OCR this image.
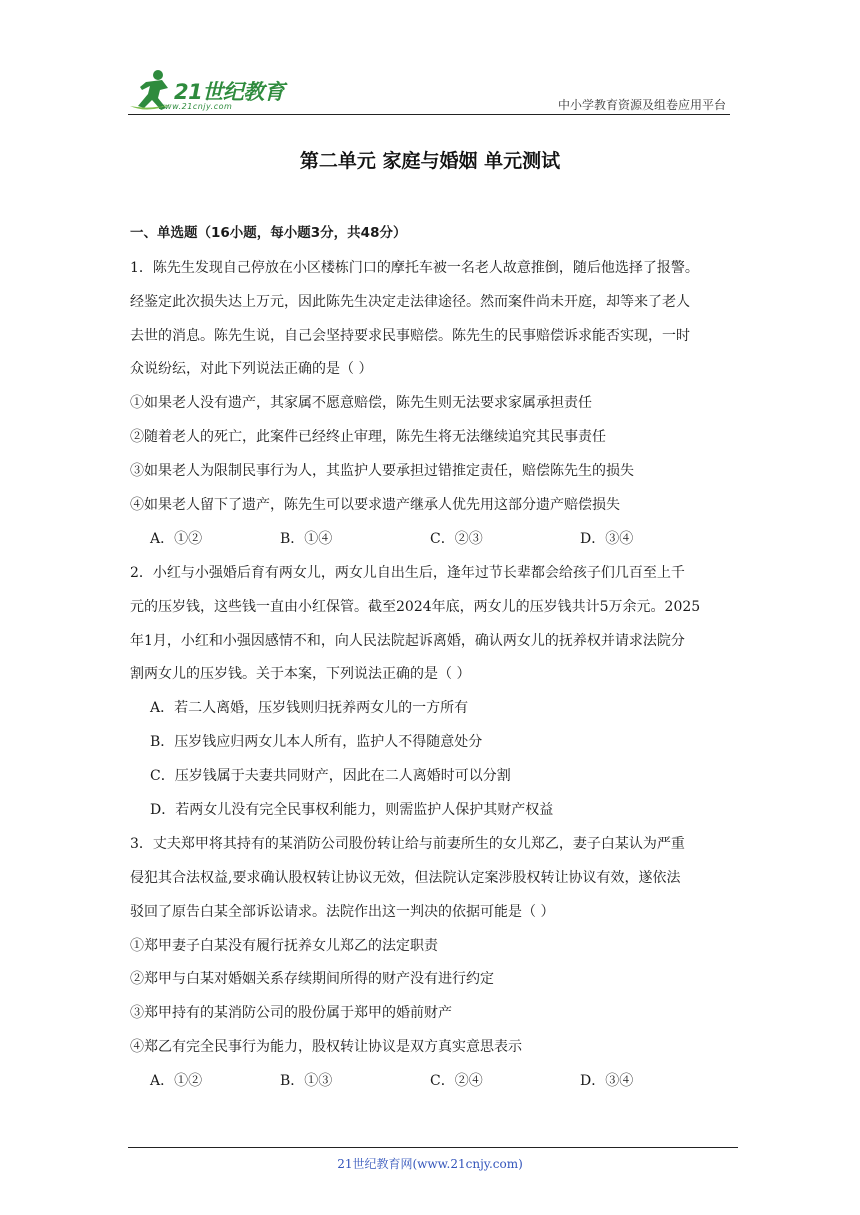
21世纪教育
www.21cnjy.com	中小学教育资源及组卷应用平台
第二单元 家庭与婚姻 单元测试
一、单选题（16小题，每小题3分，共48分）
1．陈先生发现自己停放在小区楼栋门口的摩托车被一名老人故意推倒，随后他选择了报警。
经鉴定此次损失达上万元，因此陈先生决定走法律途径。然而案件尚未开庭，却等来了老人
去世的消息。陈先生说，自己会坚持要求民事赔偿。陈先生的民事赔偿诉求能否实现，一时
众说纷纭，对此下列说法正确的是（ ）
①如果老人没有遗产，其家属不愿意赔偿，陈先生则无法要求家属承担责任
②随着老人的死亡，此案件已经终止审理，陈先生将无法继续追究其民事责任
③如果老人为限制民事行为人，其监护人要承担过错推定责任，赔偿陈先生的损失
④如果老人留下了遗产，陈先生可以要求遗产继承人优先用这部分遗产赔偿损失
A．①②	B．①④	C．②③	D．③④
2．小红与小强婚后育有两女儿，两女儿自出生后，逢年过节长辈都会给孩子们几百至上千
元的压岁钱，这些钱一直由小红保管。截至2024年底，两女儿的压岁钱共计5万余元。2025
年1月，小红和小强因感情不和，向人民法院起诉离婚，确认两女儿的抚养权并请求法院分
割两女儿的压岁钱。关于本案，下列说法正确的是（ ）
A．若二人离婚，压岁钱则归抚养两女儿的一方所有
B．压岁钱应归两女儿本人所有，监护人不得随意处分
C．压岁钱属于夫妻共同财产，因此在二人离婚时可以分割
D．若两女儿没有完全民事权利能力，则需监护人保护其财产权益
3．丈夫郑甲将其持有的某消防公司股份转让给与前妻所生的女儿郑乙，妻子白某认为严重
侵犯其合法权益,要求确认股权转让协议无效，但法院认定案涉股权转让协议有效，遂依法
驳回了原告白某全部诉讼请求。法院作出这一判决的依据可能是（ ）
①郑甲妻子白某没有履行抚养女儿郑乙的法定职责
②郑甲与白某对婚姻关系存续期间所得的财产没有进行约定
③郑甲持有的某消防公司的股份属于郑甲的婚前财产
④郑乙有完全民事行为能力，股权转让协议是双方真实意思表示
A．①②	B．①③	C．②④	D．③④
21世纪教育网(www.21cnjy.com)
